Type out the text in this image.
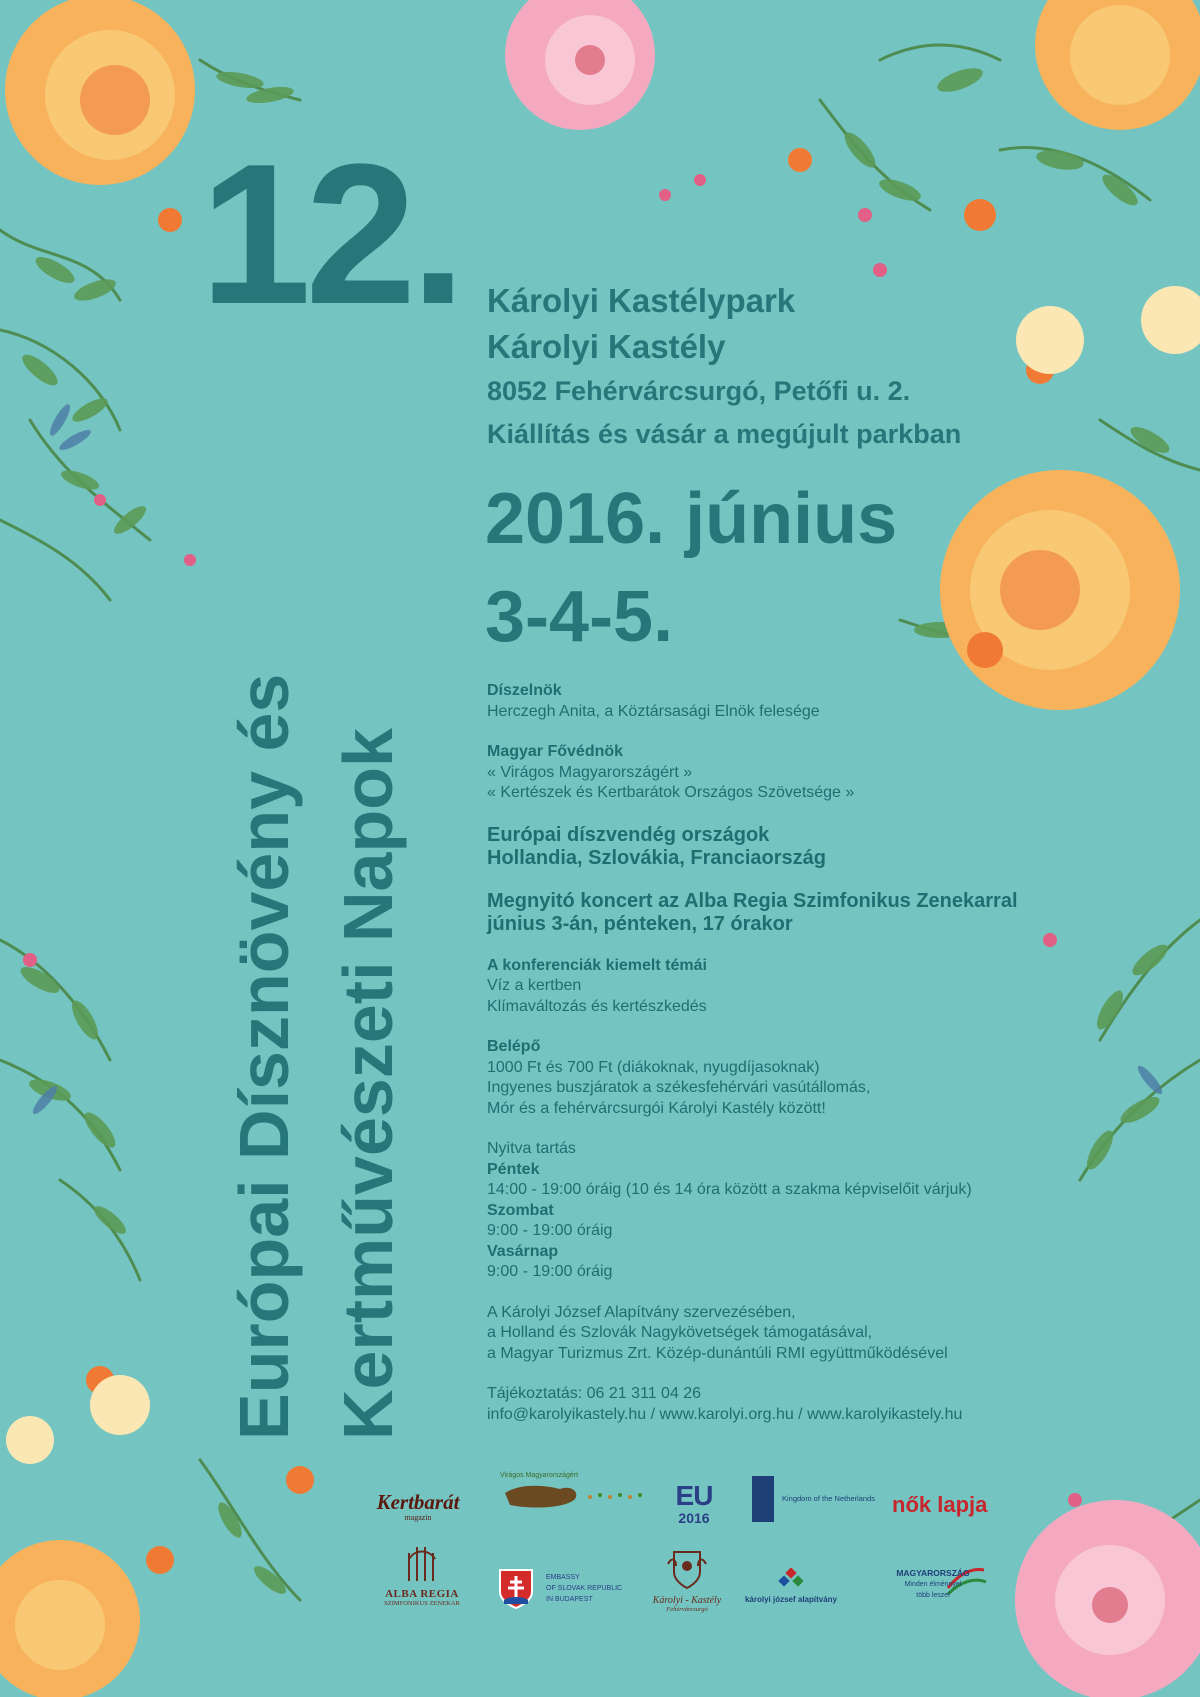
12.
Európai Dísznövény és Kertművészeti Napok
Károlyi Kastélypark
Károlyi Kastély
8052 Fehérvárcsurgó, Petőfi u. 2.
Kiállítás és vásár a megújult parkban
2016. június
3-4-5.
Díszelnök
Herczegh Anita, a Köztársasági Elnök felesége
Magyar Fővédnök
« Virágos Magyarországért »
« Kertészek és Kertbarátok Országos Szövetsége »
Európai díszvendég országok
Hollandia, Szlovákia, Franciaország
Megnyitó koncert az Alba Regia Szimfonikus Zenekarral
június 3-án, pénteken, 17 órakor
A konferenciák kiemelt témái
Víz a kertben
Klímaváltozás és kertészkedés
Belépő
1000 Ft és 700 Ft (diákoknak, nyugdíjasoknak)
Ingyenes buszjáratok a székesfehérvári vasútállomás,
Mór és a fehérvárcsurgói Károlyi Kastély között!
Nyitva tartás
Péntek
14:00 - 19:00 óráig (10 és 14 óra között a szakma képviselőit várjuk)
Szombat
9:00 - 19:00 óráig
Vasárnap
9:00 - 19:00 óráig
A Károlyi József Alapítvány szervezésében,
a Holland és Szlovák Nagykövetségek támogatásával,
a Magyar Turizmus Zrt. Közép-dunántúli RMI együttműködésével
Tájékoztatás: 06 21 311 04 26
info@karolyikastely.hu / www.karolyi.org.hu / www.karolyikastely.hu
Kertbarát
magazin
Virágos Magyarországért
EU
2016
Kingdom of the Netherlands nők lapja
ALBA REGIA
SZIMFONIKUS ZENEKAR
EMBASSY
OF SLOVAK REPUBLIC
IN BUDAPEST	Károlyi - Kastély
Fehérvárcsurgó
károlyi józsef alapítvány
MAGYARORSZÁG
Minden élménnyel
több leszel
